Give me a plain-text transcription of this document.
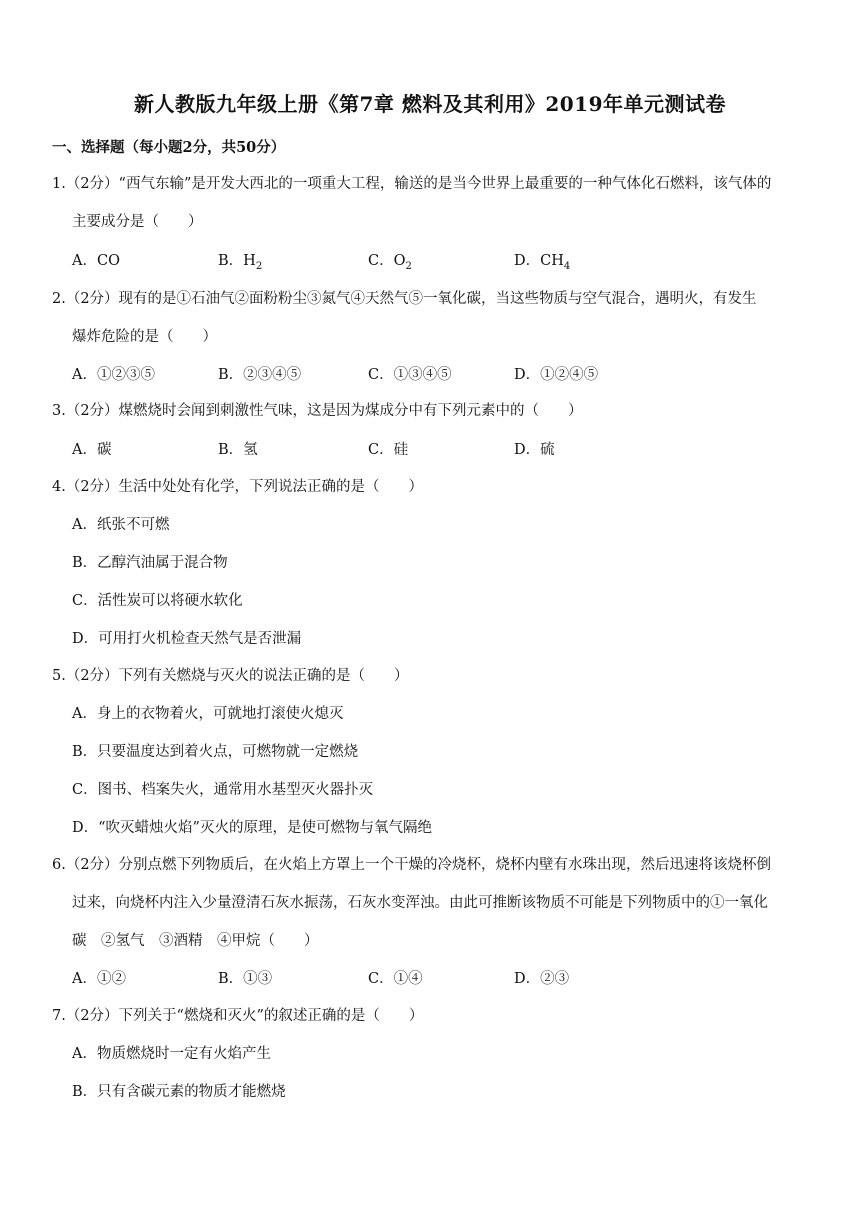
新人教版九年级上册《第7章 燃料及其利用》2019年单元测试卷
一、选择题（每小题2分，共50分）
1.（2分）“西气东输”是开发大西北的一项重大工程，输送的是当今世界上最重要的一种气体化石燃料，该气体的
主要成分是（　　）
A．CO	B．$H_2$	C．$O_2$	D．$CH_4$
2.（2分）现有的是①石油气②面粉粉尘③氮气④天然气⑤一氧化碳，当这些物质与空气混合，遇明火，有发生
爆炸危险的是（　　）
A．①②③⑤	B．②③④⑤	C．①③④⑤	D．①②④⑤
3.（2分）煤燃烧时会闻到刺激性气味，这是因为煤成分中有下列元素中的（　　）
A．碳	B．氢	C．硅	D．硫
4.（2分）生活中处处有化学，下列说法正确的是（　　）
A．纸张不可燃
B．乙醇汽油属于混合物
C．活性炭可以将硬水软化
D．可用打火机检查天然气是否泄漏
5.（2分）下列有关燃烧与灭火的说法正确的是（　　）
A．身上的衣物着火，可就地打滚使火熄灭
B．只要温度达到着火点，可燃物就一定燃烧
C．图书、档案失火，通常用水基型灭火器扑灭
D．“吹灭蜡烛火焰”灭火的原理，是使可燃物与氧气隔绝
6.（2分）分别点燃下列物质后，在火焰上方罩上一个干燥的冷烧杯，烧杯内壁有水珠出现，然后迅速将该烧杯倒
过来，向烧杯内注入少量澄清石灰水振荡，石灰水变浑浊。由此可推断该物质不可能是下列物质中的①一氧化
碳　②氢气　③酒精　④甲烷（　　）
A．①②	B．①③	C．①④	D．②③
7.（2分）下列关于“燃烧和灭火”的叙述正确的是（　　）
A．物质燃烧时一定有火焰产生
B．只有含碳元素的物质才能燃烧
